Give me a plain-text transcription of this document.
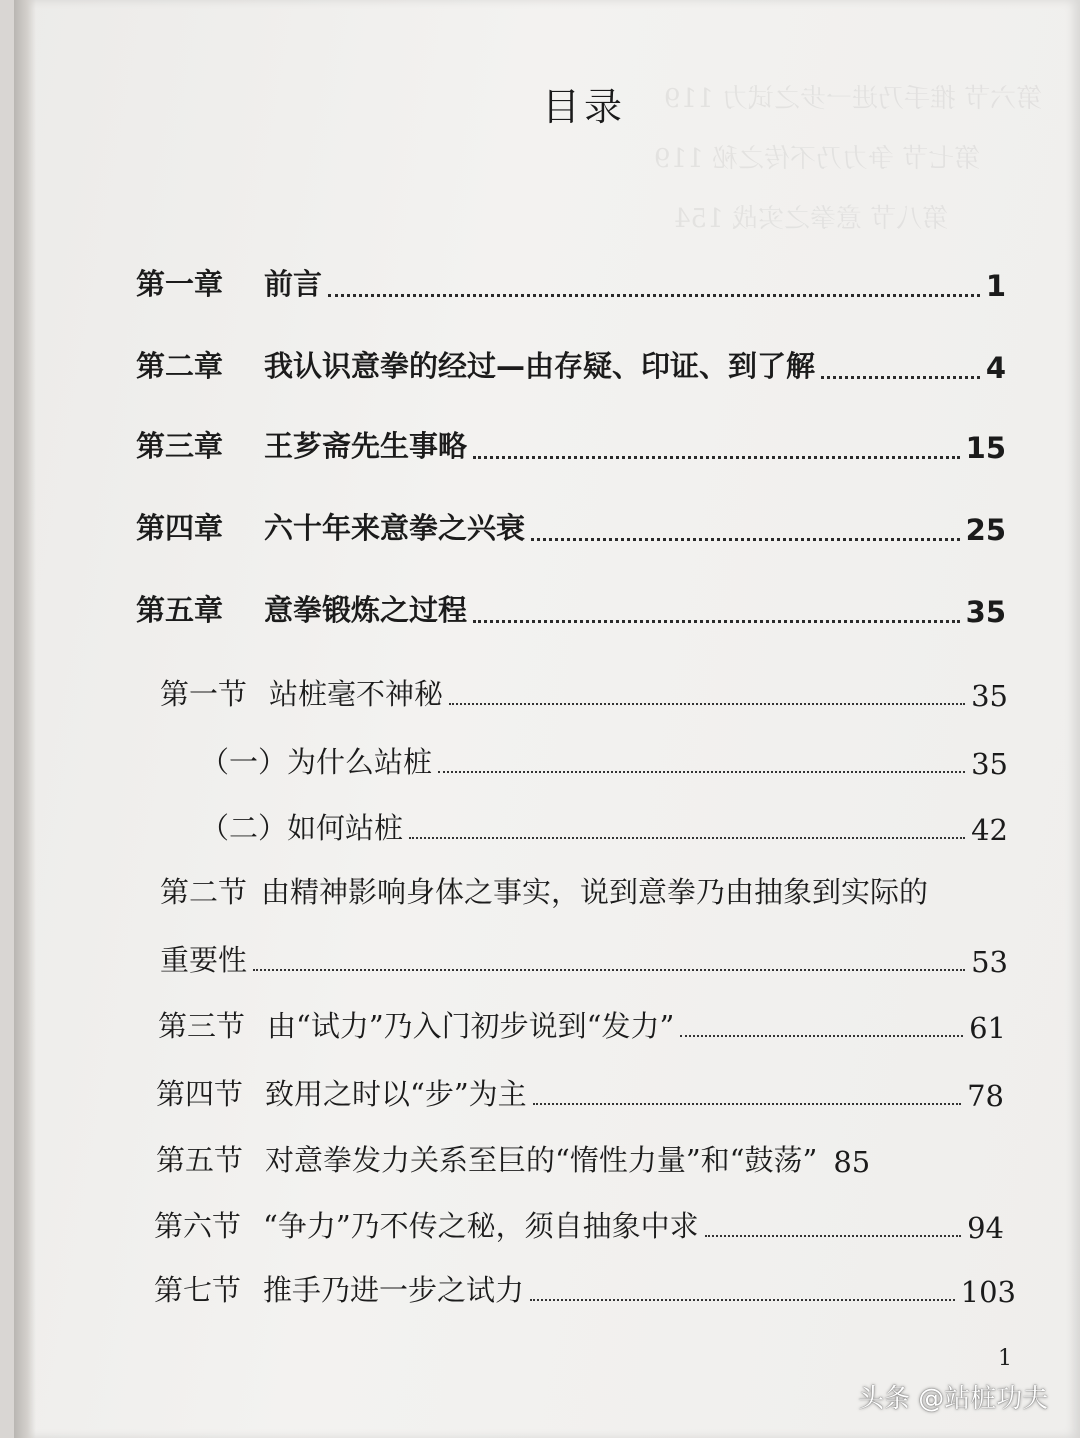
第六节 推手乃进一步之试力 119
第七节 争力乃不传之秘 119
第八节 意拳之实战 154
目录
第一章 前言	1
第二章 我认识意拳的经过—由存疑、印证、到了解	4
第三章 王芗斋先生事略	15
第四章 六十年来意拳之兴衰	25
第五章 意拳锻炼之过程	35
第一节 站桩毫不神秘	35
（一）为什么站桩	35
（二）如何站桩	42
第二节 由精神影响身体之事实，说到意拳乃由抽象到实际的
重要性	53
第三节 由“试力”乃入门初步说到“发力”	61
第四节 致用之时以“步”为主	78
第五节 对意拳发力关系至巨的“惰性力量”和“鼓荡” 85
第六节 “争力”乃不传之秘，须自抽象中求	94
第七节 推手乃进一步之试力	103
1
头条 @站桩功夫
